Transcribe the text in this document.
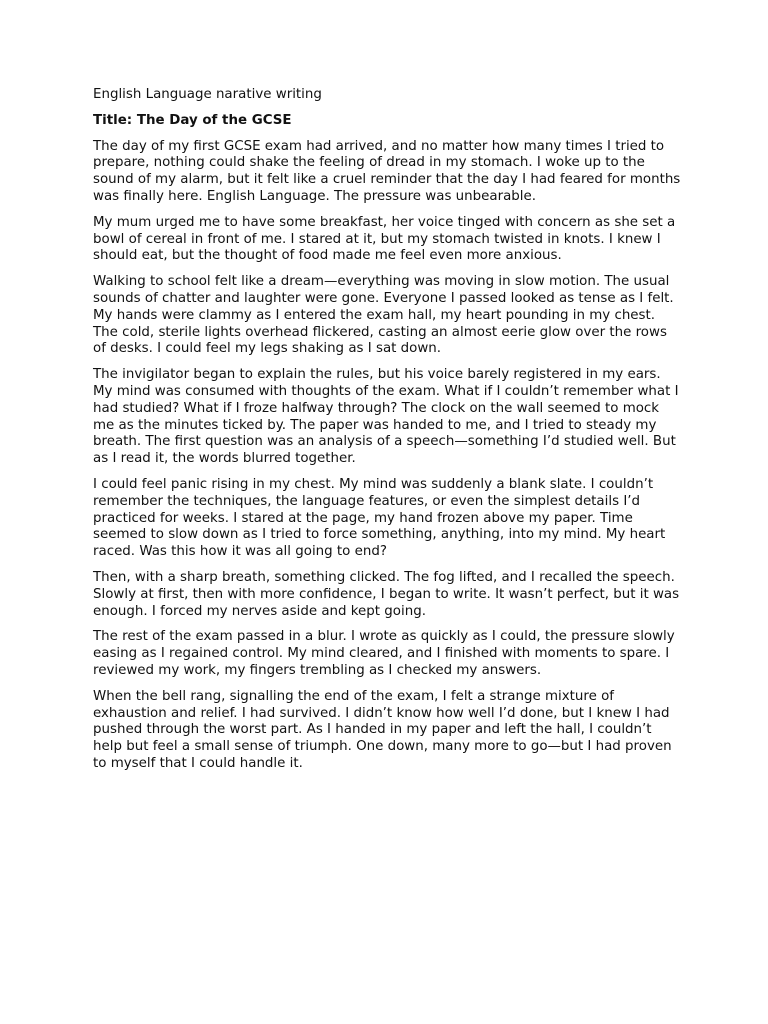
English Language narative writing

Title: The Day of the GCSE

The day of my first GCSE exam had arrived, and no matter how many times I tried to prepare, nothing could shake the feeling of dread in my stomach. I woke up to the sound of my alarm, but it felt like a cruel reminder that the day I had feared for months was finally here. English Language. The pressure was unbearable.

My mum urged me to have some breakfast, her voice tinged with concern as she set a bowl of cereal in front of me. I stared at it, but my stomach twisted in knots. I knew I should eat, but the thought of food made me feel even more anxious.

Walking to school felt like a dream—everything was moving in slow motion. The usual sounds of chatter and laughter were gone. Everyone I passed looked as tense as I felt. My hands were clammy as I entered the exam hall, my heart pounding in my chest. The cold, sterile lights overhead flickered, casting an almost eerie glow over the rows of desks. I could feel my legs shaking as I sat down.

The invigilator began to explain the rules, but his voice barely registered in my ears. My mind was consumed with thoughts of the exam. What if I couldn’t remember what I had studied? What if I froze halfway through? The clock on the wall seemed to mock me as the minutes ticked by. The paper was handed to me, and I tried to steady my breath. The first question was an analysis of a speech—something I’d studied well. But as I read it, the words blurred together.

I could feel panic rising in my chest. My mind was suddenly a blank slate. I couldn’t remember the techniques, the language features, or even the simplest details I’d practiced for weeks. I stared at the page, my hand frozen above my paper. Time seemed to slow down as I tried to force something, anything, into my mind. My heart raced. Was this how it was all going to end?

Then, with a sharp breath, something clicked. The fog lifted, and I recalled the speech. Slowly at first, then with more confidence, I began to write. It wasn’t perfect, but it was enough. I forced my nerves aside and kept going.

The rest of the exam passed in a blur. I wrote as quickly as I could, the pressure slowly easing as I regained control. My mind cleared, and I finished with moments to spare. I reviewed my work, my fingers trembling as I checked my answers.

When the bell rang, signalling the end of the exam, I felt a strange mixture of exhaustion and relief. I had survived. I didn’t know how well I’d done, but I knew I had pushed through the worst part. As I handed in my paper and left the hall, I couldn’t help but feel a small sense of triumph. One down, many more to go—but I had proven to myself that I could handle it.
